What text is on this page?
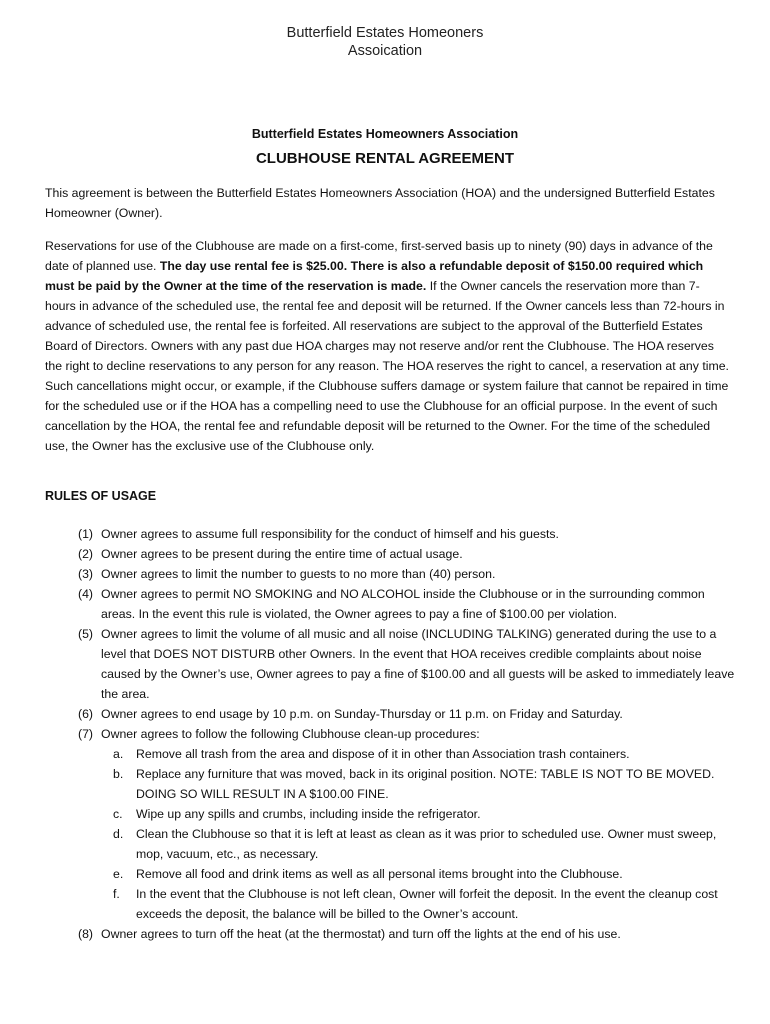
Butterfield Estates Homeoners
Assoication
Butterfield Estates Homeowners Association
CLUBHOUSE RENTAL AGREEMENT

This agreement is between the Butterfield Estates Homeowners Association (HOA) and the undersigned Butterfield Estates Homeowner (Owner).

Reservations for use of the Clubhouse are made on a first-come, first-served basis up to ninety (90) days in advance of the date of planned use. The day use rental fee is $25.00. There is also a refundable deposit of $150.00 required which must be paid by the Owner at the time of the reservation is made. If the Owner cancels the reservation more than 7-hours in advance of the scheduled use, the rental fee and deposit will be returned. If the Owner cancels less than 72-hours in advance of scheduled use, the rental fee is forfeited. All reservations are subject to the approval of the Butterfield Estates Board of Directors. Owners with any past due HOA charges may not reserve and/or rent the Clubhouse. The HOA reserves the right to decline reservations to any person for any reason. The HOA reserves the right to cancel, a reservation at any time. Such cancellations might occur, or example, if the Clubhouse suffers damage or system failure that cannot be repaired in time for the scheduled use or if the HOA has a compelling need to use the Clubhouse for an official purpose. In the event of such cancellation by the HOA, the rental fee and refundable deposit will be returned to the Owner. For the time of the scheduled use, the Owner has the exclusive use of the Clubhouse only.

RULES OF USAGE
(1) Owner agrees to assume full responsibility for the conduct of himself and his guests.
(2) Owner agrees to be present during the entire time of actual usage.
(3) Owner agrees to limit the number to guests to no more than (40) person.
(4) Owner agrees to permit NO SMOKING and NO ALCOHOL inside the Clubhouse or in the surrounding common areas. In the event this rule is violated, the Owner agrees to pay a fine of $100.00 per violation.
(5) Owner agrees to limit the volume of all music and all noise (INCLUDING TALKING) generated during the use to a level that DOES NOT DISTURB other Owners. In the event that HOA receives credible complaints about noise caused by the Owner’s use, Owner agrees to pay a fine of $100.00 and all guests will be asked to immediately leave the area.
(6) Owner agrees to end usage by 10 p.m. on Sunday-Thursday or 11 p.m. on Friday and Saturday.
(7) Owner agrees to follow the following Clubhouse clean-up procedures:
a. Remove all trash from the area and dispose of it in other than Association trash containers.
b. Replace any furniture that was moved, back in its original position. NOTE: TABLE IS NOT TO BE MOVED. DOING SO WILL RESULT IN A $100.00 FINE.
c. Wipe up any spills and crumbs, including inside the refrigerator.
d. Clean the Clubhouse so that it is left at least as clean as it was prior to scheduled use. Owner must sweep, mop, vacuum, etc., as necessary.
e. Remove all food and drink items as well as all personal items brought into the Clubhouse.
f. In the event that the Clubhouse is not left clean, Owner will forfeit the deposit. In the event the cleanup cost exceeds the deposit, the balance will be billed to the Owner’s account.
(8) Owner agrees to turn off the heat (at the thermostat) and turn off the lights at the end of his use.
